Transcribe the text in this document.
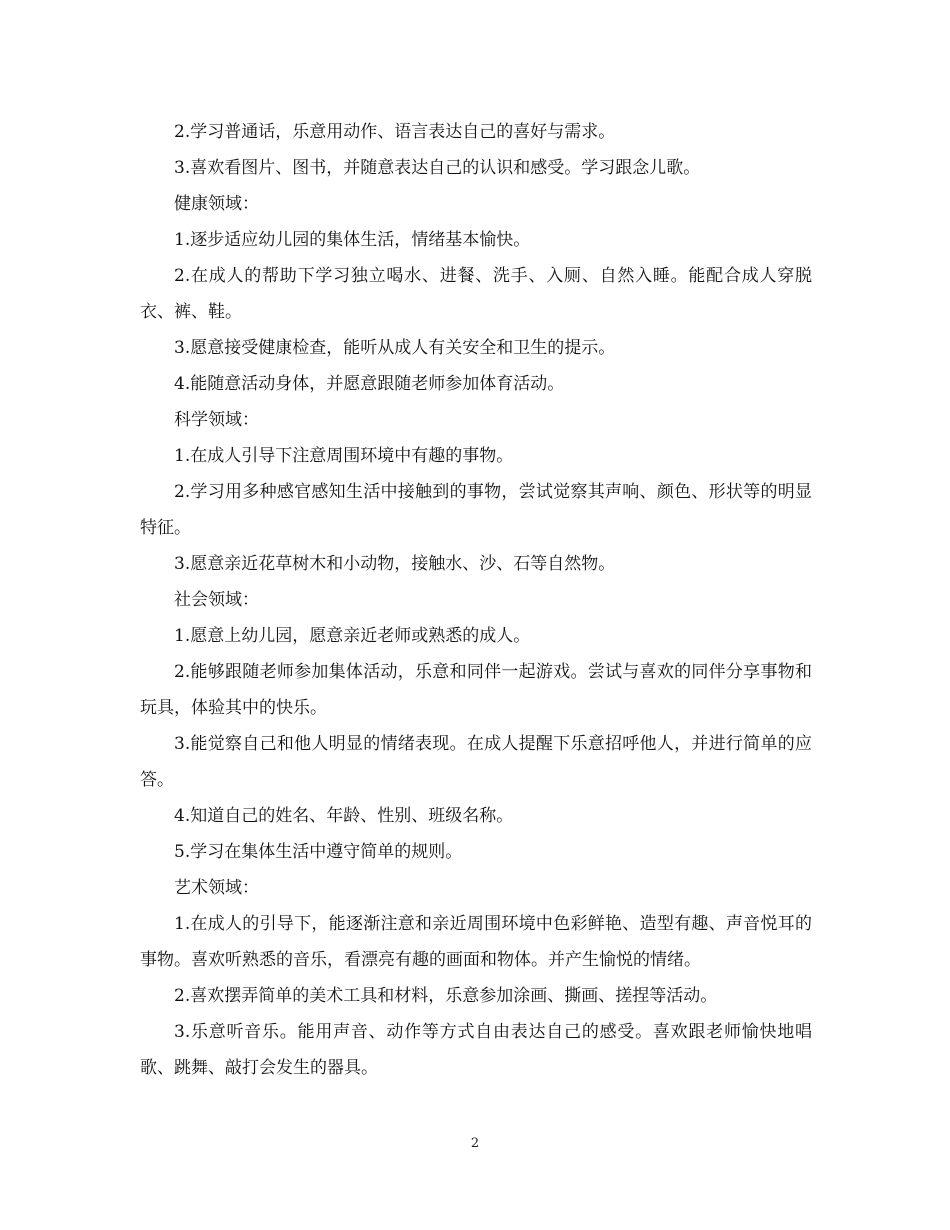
2.学习普通话，乐意用动作、语言表达自己的喜好与需求。

3.喜欢看图片、图书，并随意表达自己的认识和感受。学习跟念儿歌。

健康领域：

1.逐步适应幼儿园的集体生活，情绪基本愉快。

2.在成人的帮助下学习独立喝水、进餐、洗手、入厕、自然入睡。能配合成人穿脱衣、裤、鞋。

3.愿意接受健康检查，能听从成人有关安全和卫生的提示。

4.能随意活动身体，并愿意跟随老师参加体育活动。

科学领域：

1.在成人引导下注意周围环境中有趣的事物。

2.学习用多种感官感知生活中接触到的事物，尝试觉察其声响、颜色、形状等的明显特征。

3.愿意亲近花草树木和小动物，接触水、沙、石等自然物。

社会领域：

1.愿意上幼儿园，愿意亲近老师或熟悉的成人。

2.能够跟随老师参加集体活动，乐意和同伴一起游戏。尝试与喜欢的同伴分享事物和玩具，体验其中的快乐。

3.能觉察自己和他人明显的情绪表现。在成人提醒下乐意招呼他人，并进行简单的应答。

4.知道自己的姓名、年龄、性别、班级名称。

5.学习在集体生活中遵守简单的规则。

艺术领域：

1.在成人的引导下，能逐渐注意和亲近周围环境中色彩鲜艳、造型有趣、声音悦耳的事物。喜欢听熟悉的音乐，看漂亮有趣的画面和物体。并产生愉悦的情绪。

2.喜欢摆弄简单的美术工具和材料，乐意参加涂画、撕画、搓捏等活动。

3.乐意听音乐。能用声音、动作等方式自由表达自己的感受。喜欢跟老师愉快地唱歌、跳舞、敲打会发生的器具。

2
